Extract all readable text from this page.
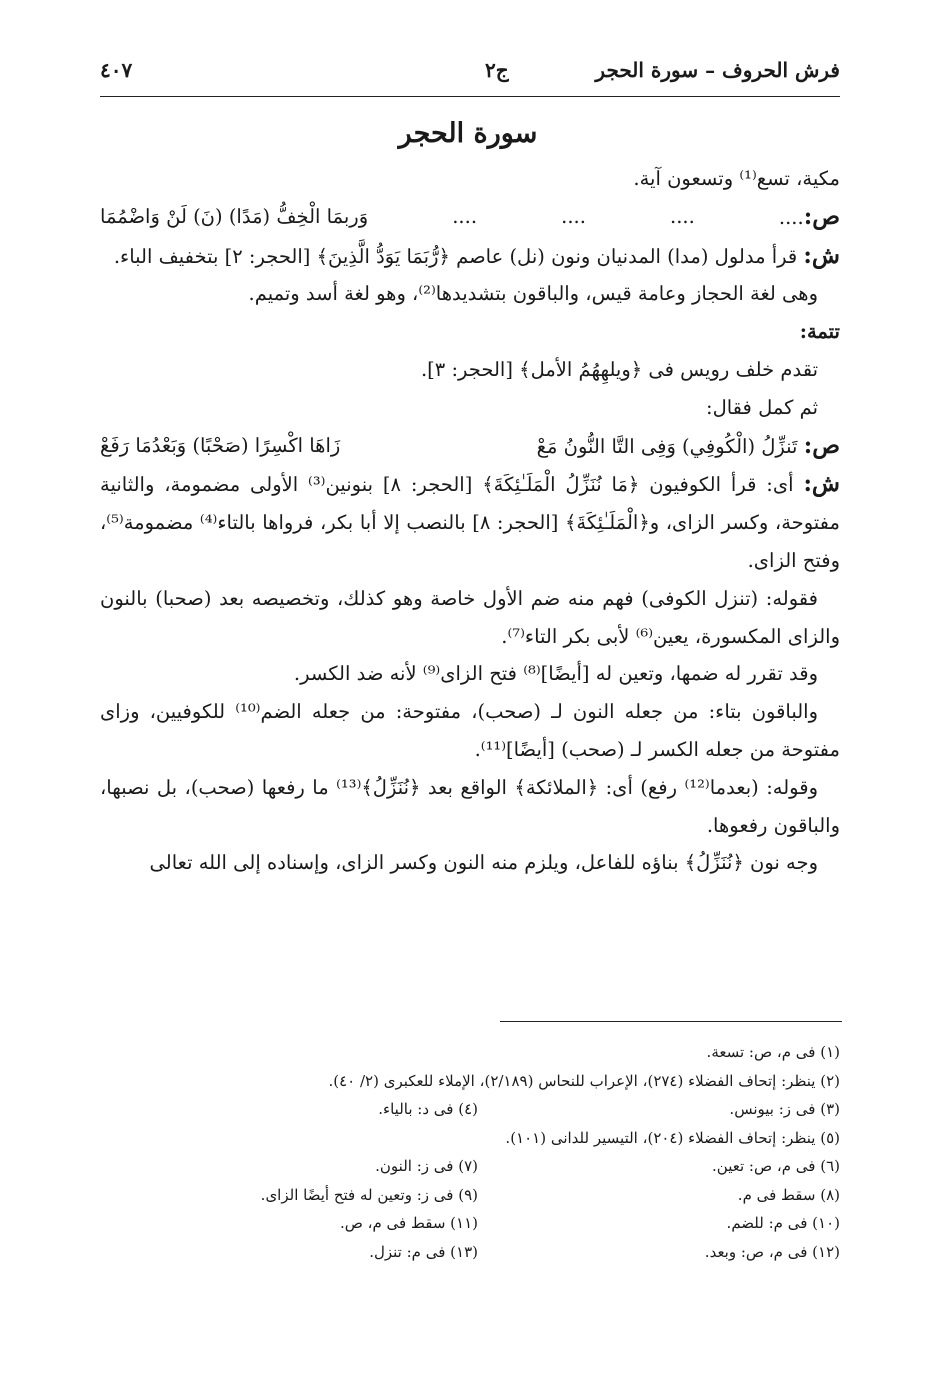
فرش الحروف – سورة الحجر
ج٢
٤٠٧
سورة الحجر

مكية، تسع⁽¹⁾ وتسعون آية.

ص:....
....
....
....
وَربمَا الْخِفُّ (مَدًا) (نَ) لَنْ وَاضْمُمَا

ش: قرأ مدلول (مدا) المدنيان ونون (نل) عاصم ﴿رُّبَمَا يَوَدُّ الَّذِينَ﴾ [الحجر: ٢] بتخفيف الباء.

وهى لغة الحجاز وعامة قيس، والباقون بتشديدها⁽²⁾، وهو لغة أسد وتميم.

تتمة:

تقدم خلف رويس فى ﴿ويلهِهُمُ الأمل﴾ [الحجر: ٣].

ثم كمل فقال:

ص: تَنزِّلُ (الْكُوفِي) وَفِى التَّا النُّونُ مَعْ
زَاهَا اكْسِرًا (صَحْبًا) وَبَعْدُمَا رَفَعْ

ش: أى: قرأ الكوفيون ﴿مَا نُنَزِّلُ الْمَلَـٰئِكَةَ﴾ [الحجر: ٨] بنونين⁽³⁾ الأولى مضمومة، والثانية مفتوحة، وكسر الزاى، و﴿الْمَلَـٰئِكَةَ﴾ [الحجر: ٨] بالنصب إلا أبا بكر، فرواها بالتاء⁽⁴⁾ مضمومة⁽⁵⁾، وفتح الزاى.

فقوله: (تنزل الكوفى) فهم منه ضم الأول خاصة وهو كذلك، وتخصيصه بعد (صحبا) بالنون والزاى المكسورة، يعين⁽⁶⁾ لأبى بكر التاء⁽⁷⁾.

وقد تقرر له ضمها، وتعين له [أيضًا]⁽⁸⁾ فتح الزاى⁽⁹⁾ لأنه ضد الكسر.

والباقون بتاء: من جعله النون لـ (صحب)، مفتوحة: من جعله الضم⁽¹⁰⁾ للكوفيين، وزاى مفتوحة من جعله الكسر لـ (صحب) [أيضًا]⁽¹¹⁾.

وقوله: (بعدما⁽¹²⁾ رفع) أى: ﴿الملائكة﴾ الواقع بعد ﴿نُنَزِّلُ﴾⁽¹³⁾ ما رفعها (صحب)، بل نصبها، والباقون رفعوها.

وجه نون ﴿نُنَزِّلُ﴾ بناؤه للفاعل، ويلزم منه النون وكسر الزاى، وإسناده إلى الله تعالى

(١) فى م، ص: تسعة.
(٢) ينظر: إتحاف الفضلاء (٢٧٤)، الإعراب للنحاس (٢/١٨٩)، الإملاء للعكبرى (٢/ ٤٠).
(٣) فى ز: بيونس.
(٤) فى د: بالياء.
(٥) ينظر: إتحاف الفضلاء (٢٠٤)، التيسير للدانى (١٠١).
(٦) فى م، ص: تعين.
(٧) فى ز: النون.
(٨) سقط فى م.
(٩) فى ز: وتعين له فتح أيضًا الزاى.
(١٠) فى م: للضم.
(١١) سقط فى م، ص.
(١٢) فى م، ص: وبعد.
(١٣) فى م: تنزل.
